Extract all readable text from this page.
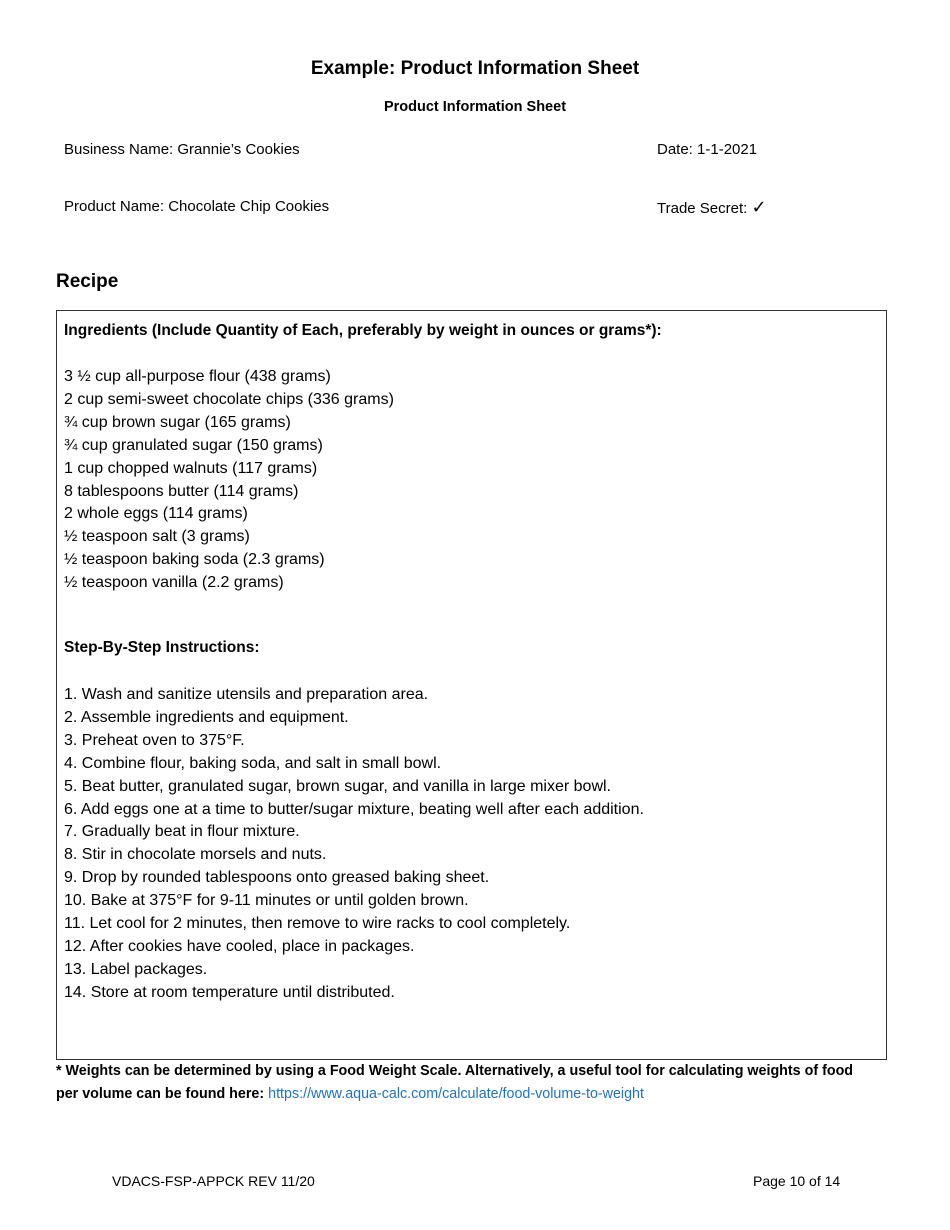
Example: Product Information Sheet
Product Information Sheet
Business Name: Grannie’s Cookies	Date: 1-1-2021
Product Name: Chocolate Chip Cookies	Trade Secret: ✓
Recipe
Ingredients (Include Quantity of Each, preferably by weight in ounces or grams*):
3 ½ cup all-purpose flour (438 grams)
2 cup semi-sweet chocolate chips (336 grams)
¾ cup brown sugar (165 grams)
¾ cup granulated sugar (150 grams)
1 cup chopped walnuts (117 grams)
8 tablespoons butter (114 grams)
2 whole eggs (114 grams)
½ teaspoon salt (3 grams)
½ teaspoon baking soda (2.3 grams)
½ teaspoon vanilla (2.2 grams)
Step-By-Step Instructions:
1. Wash and sanitize utensils and preparation area.
2. Assemble ingredients and equipment.
3. Preheat oven to 375°F.
4. Combine flour, baking soda, and salt in small bowl.
5. Beat butter, granulated sugar, brown sugar, and vanilla in large mixer bowl.
6. Add eggs one at a time to butter/sugar mixture, beating well after each addition.
7. Gradually beat in flour mixture.
8. Stir in chocolate morsels and nuts.
9. Drop by rounded tablespoons onto greased baking sheet.
10. Bake at 375°F for 9-11 minutes or until golden brown.
11. Let cool for 2 minutes, then remove to wire racks to cool completely.
12. After cookies have cooled, place in packages.
13. Label packages.
14. Store at room temperature until distributed.
* Weights can be determined by using a Food Weight Scale. Alternatively, a useful tool for calculating weights of food
per volume can be found here: https://www.aqua-calc.com/calculate/food-volume-to-weight
VDACS-FSP-APPCK REV 11/20	Page 10 of 14
